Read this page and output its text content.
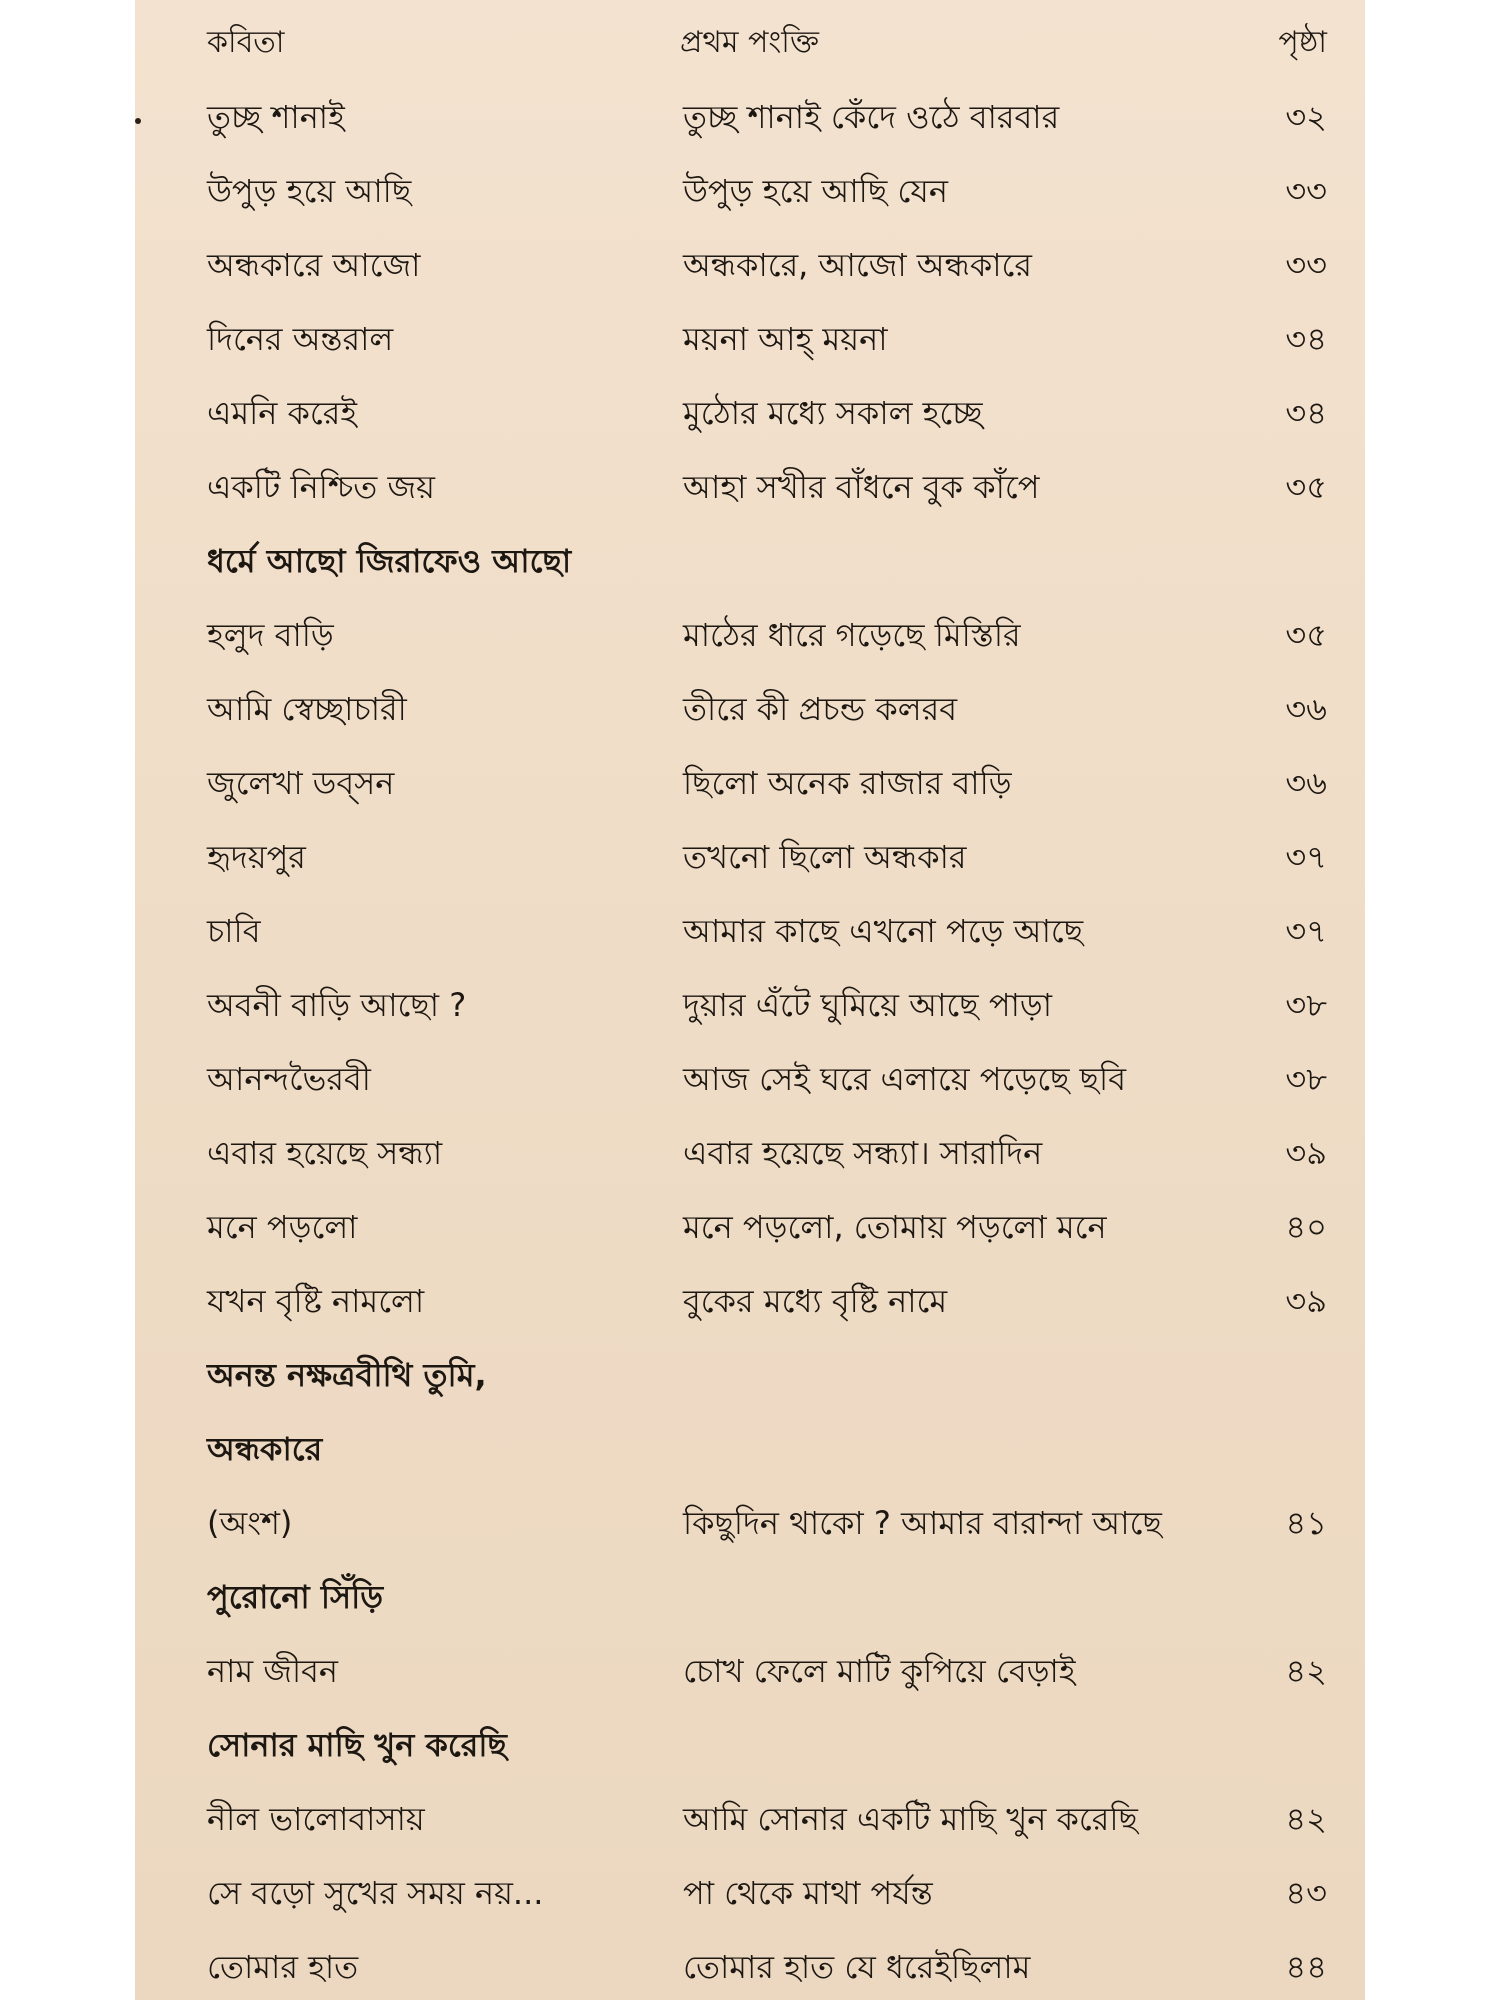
কবিতা	প্রথম পংক্তি	পৃষ্ঠা
তুচ্ছ শানাই	তুচ্ছ শানাই কেঁদে ওঠে বারবার	৩২
উপুড় হয়ে আছি	উপুড় হয়ে আছি যেন	৩৩
অন্ধকারে আজো	অন্ধকারে, আজো অন্ধকারে	৩৩
দিনের অন্তরাল	ময়না আহ্ ময়না	৩৪
এমনি করেই	মুঠোর মধ্যে সকাল হচ্ছে	৩৪
একটি নিশ্চিত জয়	আহা সখীর বাঁধনে বুক কাঁপে	৩৫
ধর্মে আছো জিরাফেও আছো
হলুদ বাড়ি	মাঠের ধারে গড়েছে মিস্তিরি	৩৫
আমি স্বেচ্ছাচারী	তীরে কী প্রচন্ড কলরব	৩৬
জুলেখা ডব্‌সন	ছিলো অনেক রাজার বাড়ি	৩৬
হৃদয়পুর	তখনো ছিলো অন্ধকার	৩৭
চাবি	আমার কাছে এখনো পড়ে আছে	৩৭
অবনী বাড়ি আছো ?	দুয়ার এঁটে ঘুমিয়ে আছে পাড়া	৩৮
আনন্দভৈরবী	আজ সেই ঘরে এলায়ে পড়েছে ছবি	৩৮
এবার হয়েছে সন্ধ্যা	এবার হয়েছে সন্ধ্যা। সারাদিন	৩৯
মনে পড়লো	মনে পড়লো, তোমায় পড়লো মনে	৪০
যখন বৃষ্টি নামলো	বুকের মধ্যে বৃষ্টি নামে	৩৯
অনন্ত নক্ষত্রবীথি তুমি,
অন্ধকারে
(অংশ)	কিছুদিন থাকো ? আমার বারান্দা আছে	৪১
পুরোনো সিঁড়ি
নাম জীবন	চোখ ফেলে মাটি কুপিয়ে বেড়াই	৪২
সোনার মাছি খুন করেছি
নীল ভালোবাসায়	আমি সোনার একটি মাছি খুন করেছি	৪২
সে বড়ো সুখের সময় নয়...	পা থেকে মাথা পর্যন্ত	৪৩
তোমার হাত	তোমার হাত যে ধরেইছিলাম	৪৪
